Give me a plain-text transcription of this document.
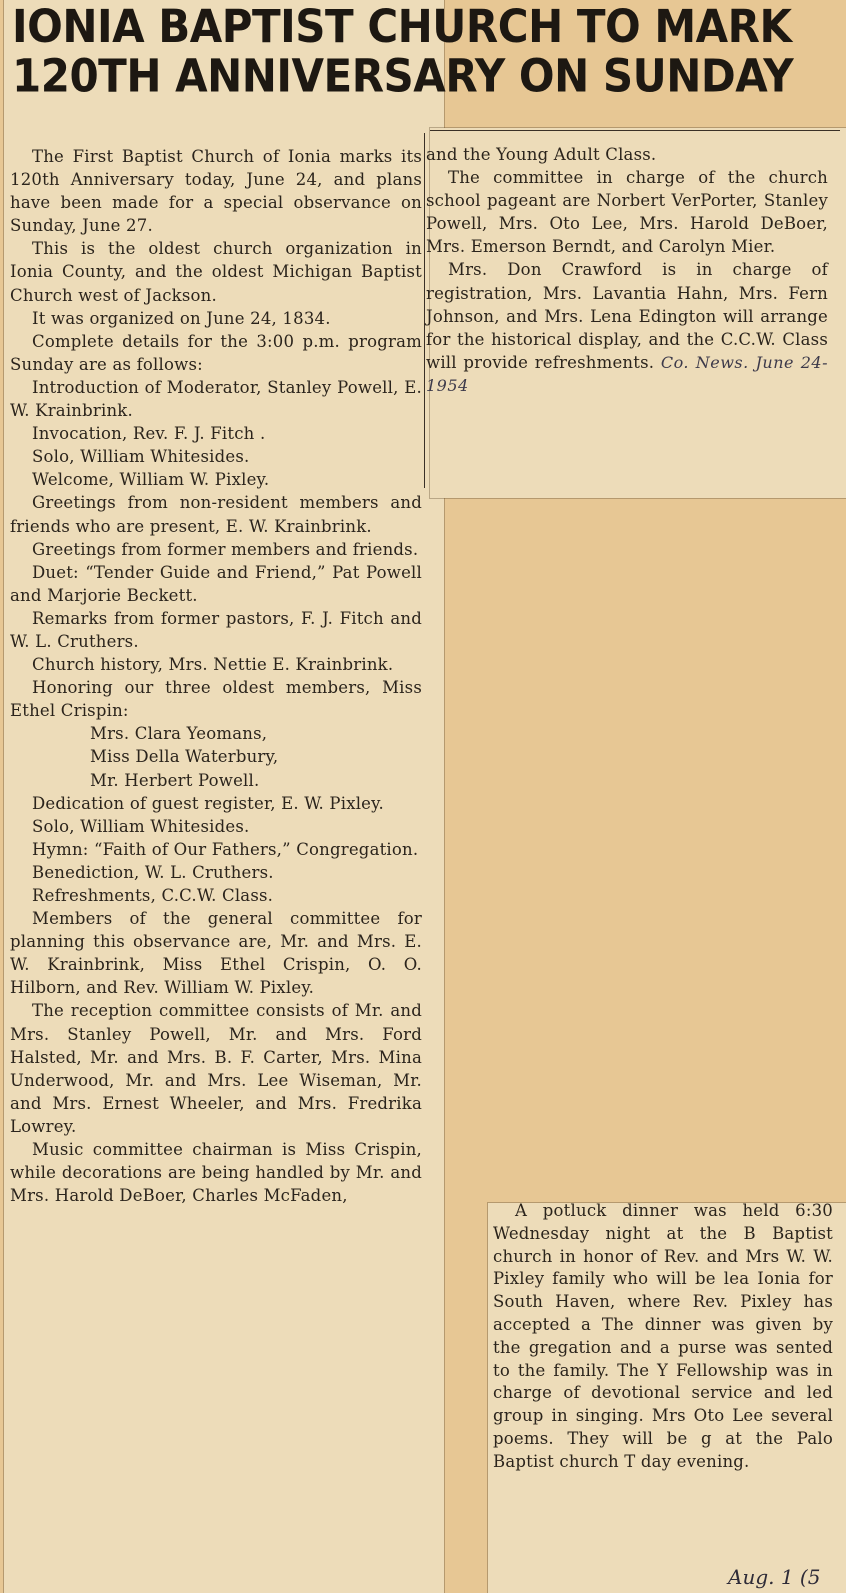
IONIA BAPTIST CHURCH TO MARK
120TH ANNIVERSARY ON SUNDAY

The First Baptist Church of Ionia marks its 120th Anniversary today, June 24, and plans have been made for a special observance on Sunday, June 27.

This is the oldest church organization in Ionia County, and the oldest Michigan Baptist Church west of Jackson.

It was organized on June 24, 1834.

Complete details for the 3:00 p.m. program Sunday are as follows:

Introduction of Moderator, Stanley Powell, E. W. Krainbrink.

Invocation, Rev. F. J. Fitch .

Solo, William Whitesides.

Welcome, William W. Pixley.

Greetings from non-resident members and friends who are present, E. W. Krainbrink.

Greetings from former members and friends.

Duet: “Tender Guide and Friend,” Pat Powell and Marjorie Beckett.

Remarks from former pastors, F. J. Fitch and W. L. Cruthers.

Church history, Mrs. Nettie E. Krainbrink.

Honoring our three oldest members, Miss Ethel Crispin:

Mrs. Clara Yeomans,

Miss Della Waterbury,

Mr. Herbert Powell.

Dedication of guest register, E. W. Pixley.

Solo, William Whitesides.

Hymn: “Faith of Our Fathers,” Congregation.

Benediction, W. L. Cruthers.

Refreshments, C.C.W. Class.

Members of the general committee for planning this observance are, Mr. and Mrs. E. W. Krainbrink, Miss Ethel Crispin, O. O. Hilborn, and Rev. William W. Pixley.

The reception committee consists of Mr. and Mrs. Stanley Powell, Mr. and Mrs. Ford Halsted, Mr. and Mrs. B. F. Carter, Mrs. Mina Underwood, Mr. and Mrs. Lee Wiseman, Mr. and Mrs. Ernest Wheeler, and Mrs. Fredrika Lowrey.

Music committee chairman is Miss Crispin, while decorations are being handled by Mr. and Mrs. Harold DeBoer, Charles McFaden,

and the Young Adult Class.

The committee in charge of the church school pageant are Norbert VerPorter, Stanley Powell, Mrs. Oto Lee, Mrs. Harold DeBoer, Mrs. Emerson Berndt, and Carolyn Mier.

Mrs. Don Crawford is in charge of registration, Mrs. Lavantia Hahn, Mrs. Fern Johnson, and Mrs. Lena Edington will arrange for the historical display, and the C.C.W. Class will provide refreshments. Co. News. June 24-1954

A potluck dinner was held 6:30 Wednesday night at the B Baptist church in honor of Rev. and Mrs W. W. Pixley family who will be lea Ionia for South Haven, where Rev. Pixley has accepted a The dinner was given by the gregation and a purse was sented to the family. The Y Fellowship was in charge of devotional service and led group in singing. Mrs Oto Lee several poems. They will be g at the Palo Baptist church T day evening.

Aug. 1 (5
